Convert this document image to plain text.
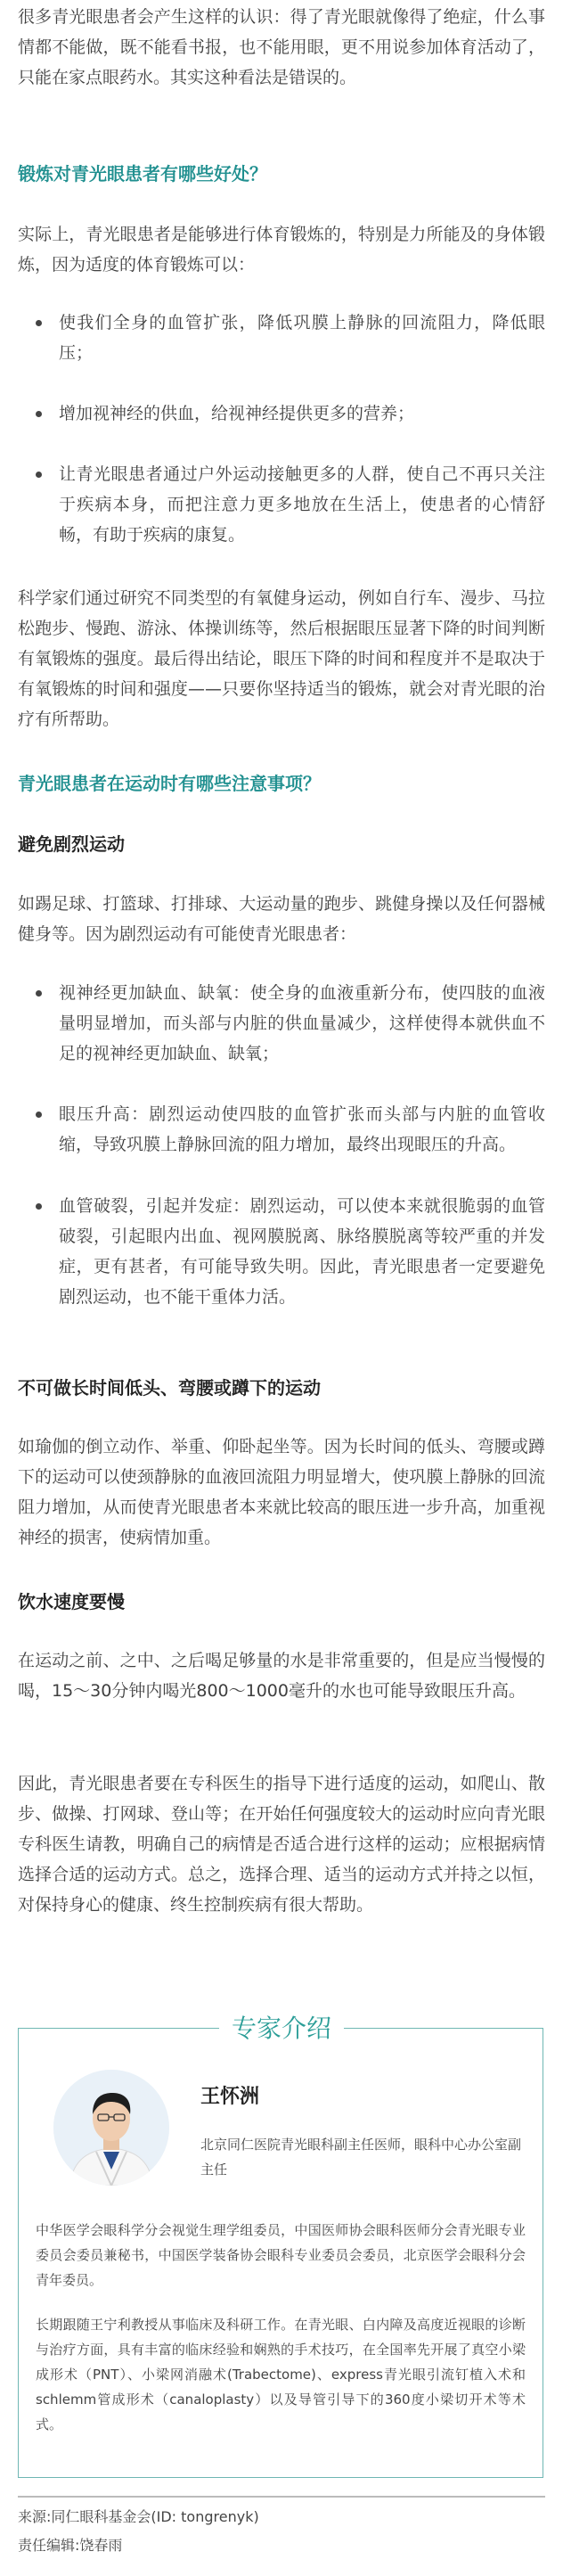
很多青光眼患者会产生这样的认识：得了青光眼就像得了绝症，什么事情都不能做，既不能看书报，也不能用眼，更不用说参加体育活动了，只能在家点眼药水。其实这种看法是错误的。

锻炼对青光眼患者有哪些好处？

实际上，青光眼患者是能够进行体育锻炼的，特别是力所能及的身体锻炼，因为适度的体育锻炼可以：

使我们全身的血管扩张，降低巩膜上静脉的回流阻力，降低眼压；
增加视神经的供血，给视神经提供更多的营养；
让青光眼患者通过户外运动接触更多的人群，使自己不再只关注于疾病本身，而把注意力更多地放在生活上，使患者的心情舒畅，有助于疾病的康复。

科学家们通过研究不同类型的有氧健身运动，例如自行车、漫步、马拉松跑步、慢跑、游泳、体操训练等，然后根据眼压显著下降的时间判断有氧锻炼的强度。最后得出结论，眼压下降的时间和程度并不是取决于有氧锻炼的时间和强度——只要你坚持适当的锻炼，就会对青光眼的治疗有所帮助。

青光眼患者在运动时有哪些注意事项？
避免剧烈运动

如踢足球、打篮球、打排球、大运动量的跑步、跳健身操以及任何器械健身等。因为剧烈运动有可能使青光眼患者：

视神经更加缺血、缺氧：使全身的血液重新分布，使四肢的血液量明显增加，而头部与内脏的供血量减少，这样使得本就供血不足的视神经更加缺血、缺氧；
眼压升高：剧烈运动使四肢的血管扩张而头部与内脏的血管收缩，导致巩膜上静脉回流的阻力增加，最终出现眼压的升高。
血管破裂，引起并发症：剧烈运动，可以使本来就很脆弱的血管破裂，引起眼内出血、视网膜脱离、脉络膜脱离等较严重的并发症，更有甚者，有可能导致失明。因此，青光眼患者一定要避免剧烈运动，也不能干重体力活。
不可做长时间低头、弯腰或蹲下的运动

如瑜伽的倒立动作、举重、仰卧起坐等。因为长时间的低头、弯腰或蹲下的运动可以使颈静脉的血液回流阻力明显增大，使巩膜上静脉的回流阻力增加，从而使青光眼患者本来就比较高的眼压进一步升高，加重视神经的损害，使病情加重。

饮水速度要慢

在运动之前、之中、之后喝足够量的水是非常重要的，但是应当慢慢的喝，15～30分钟内喝光800～1000毫升的水也可能导致眼压升高。

因此，青光眼患者要在专科医生的指导下进行适度的运动，如爬山、散步、做操、打网球、登山等；在开始任何强度较大的运动时应向青光眼专科医生请教，明确自己的病情是否适合进行这样的运动；应根据病情选择合适的运动方式。总之，选择合理、适当的运动方式并持之以恒，对保持身心的健康、终生控制疾病有很大帮助。

专家介绍
王怀洲
北京同仁医院青光眼科副主任医师，眼科中心办公室副主任

中华医学会眼科学分会视觉生理学组委员，中国医师协会眼科医师分会青光眼专业委员会委员兼秘书，中国医学装备协会眼科专业委员会委员，北京医学会眼科分会青年委员。

长期跟随王宁利教授从事临床及科研工作。在青光眼、白内障及高度近视眼的诊断与治疗方面，具有丰富的临床经验和娴熟的手术技巧，在全国率先开展了真空小梁成形术（PNT）、小梁网消融术(Trabectome)、express青光眼引流钉植入术和schlemm管成形术（canaloplasty）以及导管引导下的360度小梁切开术等术式。

来源:同仁眼科基金会(ID: tongrenyk)
责任编辑:饶春雨
